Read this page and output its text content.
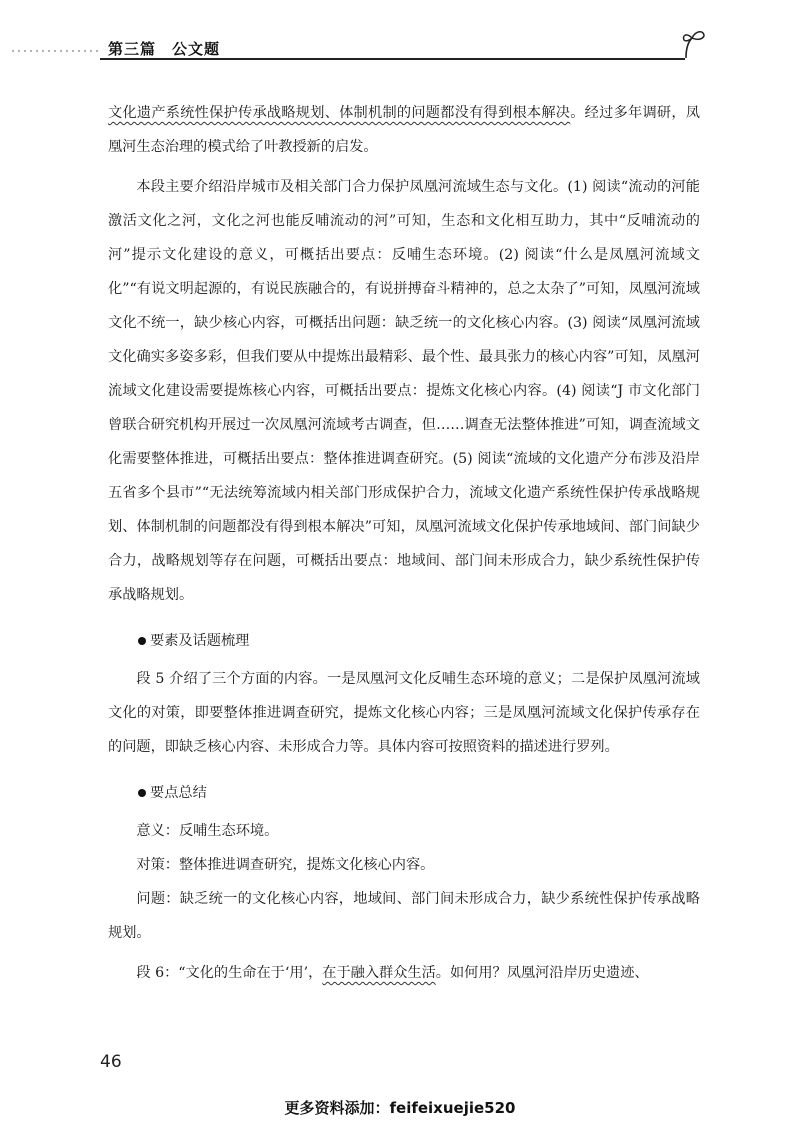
第三篇　公文题

文化遗产系统性保护传承战略规划、体制机制的问题都没有得到根本解决。经过多年调研，凤凰河生态治理的模式给了叶教授新的启发。

本段主要介绍沿岸城市及相关部门合力保护凤凰河流域生态与文化。(1) 阅读“流动的河能激活文化之河，文化之河也能反哺流动的河”可知，生态和文化相互助力，其中“反哺流动的河”提示文化建设的意义，可概括出要点：反哺生态环境。(2) 阅读“什么是凤凰河流域文化”“有说文明起源的，有说民族融合的，有说拼搏奋斗精神的，总之太杂了”可知，凤凰河流域文化不统一，缺少核心内容，可概括出问题：缺乏统一的文化核心内容。(3) 阅读“凤凰河流域文化确实多姿多彩，但我们要从中提炼出最精彩、最个性、最具张力的核心内容”可知，凤凰河流域文化建设需要提炼核心内容，可概括出要点：提炼文化核心内容。(4) 阅读“J 市文化部门曾联合研究机构开展过一次凤凰河流域考古调查，但……调查无法整体推进”可知，调查流域文化需要整体推进，可概括出要点：整体推进调查研究。(5) 阅读“流域的文化遗产分布涉及沿岸五省多个县市”“无法统筹流域内相关部门形成保护合力，流域文化遗产系统性保护传承战略规划、体制机制的问题都没有得到根本解决”可知，凤凰河流域文化保护传承地域间、部门间缺少合力，战略规划等存在问题，可概括出要点：地域间、部门间未形成合力，缺少系统性保护传承战略规划。

要素及话题梳理

段 5 介绍了三个方面的内容。一是凤凰河文化反哺生态环境的意义；二是保护凤凰河流域文化的对策，即要整体推进调查研究，提炼文化核心内容；三是凤凰河流域文化保护传承存在的问题，即缺乏核心内容、未形成合力等。具体内容可按照资料的描述进行罗列。

要点总结

意义：反哺生态环境。

对策：整体推进调查研究，提炼文化核心内容。

问题：缺乏统一的文化核心内容，地域间、部门间未形成合力，缺少系统性保护传承战略规划。

段 6：“文化的生命在于‘用’，在于融入群众生活。如何用？凤凰河沿岸历史遗迹、

46
更多资料添加：feifeixuejie520
